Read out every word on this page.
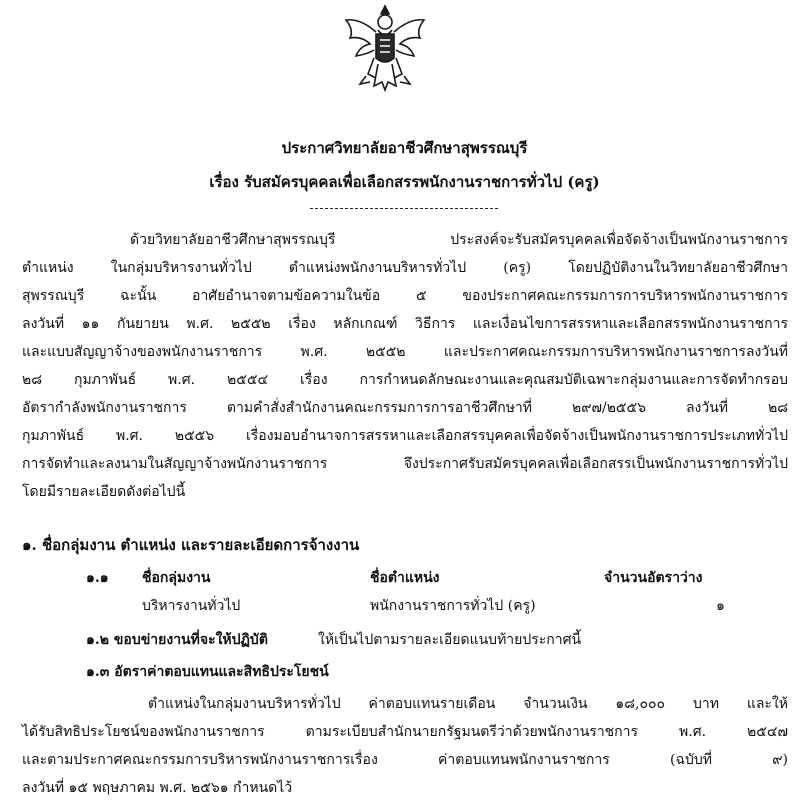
ประกาศวิทยาลัยอาชีวศึกษาสุพรรณบุรี
เรื่อง รับสมัครบุคคลเพื่อเลือกสรรพนักงานราชการทั่วไป (ครู)
ด้วยวิทยาลัยอาชีวศึกษาสุพรรณบุรี ประสงค์จะรับสมัครบุคคลเพื่อจัดจ้างเป็นพนักงานราชการ
ตำแหน่ง ในกลุ่มบริหารงานทั่วไป ตำแหน่งพนักงานบริหารทั่วไป (ครู) โดยปฏิบัติงานในวิทยาลัยอาชีวศึกษา
สุพรรณบุรี ฉะนั้น อาศัยอำนาจตามข้อความในข้อ ๕ ของประกาศคณะกรรมการการบริหารพนักงานราชการ
ลงวันที่ ๑๑ กันยายน พ.ศ. ๒๕๕๒ เรื่อง หลักเกณฑ์ วิธีการ และเงื่อนไขการสรรหาและเลือกสรรพนักงานราชการ
และแบบสัญญาจ้างของพนักงานราชการ พ.ศ. ๒๕๕๒ และประกาศคณะกรรมการบริหารพนักงานราชการลงวันที่
๒๘ กุมภาพันธ์ พ.ศ. ๒๕๕๔ เรื่อง การกำหนดลักษณะงานและคุณสมบัติเฉพาะกลุ่มงานและการจัดทำกรอบ
อัตรากำลังพนักงานราชการ ตามคำสั่งสำนักงานคณะกรรมการการอาชีวศึกษาที่ ๒๙๗/๒๕๕๖ ลงวันที่ ๒๘
กุมภาพันธ์ พ.ศ. ๒๕๕๖ เรื่องมอบอำนาจการสรรหาและเลือกสรรบุคคลเพื่อจัดจ้างเป็นพนักงานราชการประเภททั่วไป
การจัดทำและลงนามในสัญญาจ้างพนักงานราชการ จึงประกาศรับสมัครบุคคลเพื่อเลือกสรรเป็นพนักงานราชการทั่วไป
โดยมีรายละเอียดดังต่อไปนี้
๑. ชื่อกลุ่มงาน ตำแหน่ง และรายละเอียดการจ้างงาน
๑.๑ ชื่อกลุ่มงาน	ชื่อตำแหน่ง	จำนวนอัตราว่าง
บริหารงานทั่วไป	พนักงานราชการทั่วไป (ครู)	๑
๑.๒ ขอบข่ายงานที่จะให้ปฏิบัติ	ให้เป็นไปตามรายละเอียดแนบท้ายประกาศนี้
๑.๓ อัตราค่าตอบแทนและสิทธิประโยชน์
ตำแหน่งในกลุ่มงานบริหารทั่วไป ค่าตอบแทนรายเดือน จำนวนเงิน ๑๘,๐๐๐ บาท และให้
ได้รับสิทธิประโยชน์ของพนักงานราชการ ตามระเบียบสำนักนายกรัฐมนตรีว่าด้วยพนักงานราชการ พ.ศ. ๒๕๔๗
และตามประกาศคณะกรรมการบริหารพนักงานราชการเรื่อง ค่าตอบแทนพนักงานราชการ (ฉบับที่ ๙)
ลงวันที่ ๑๕ พฤษภาคม พ.ศ. ๒๕๖๑ กำหนดไว้
